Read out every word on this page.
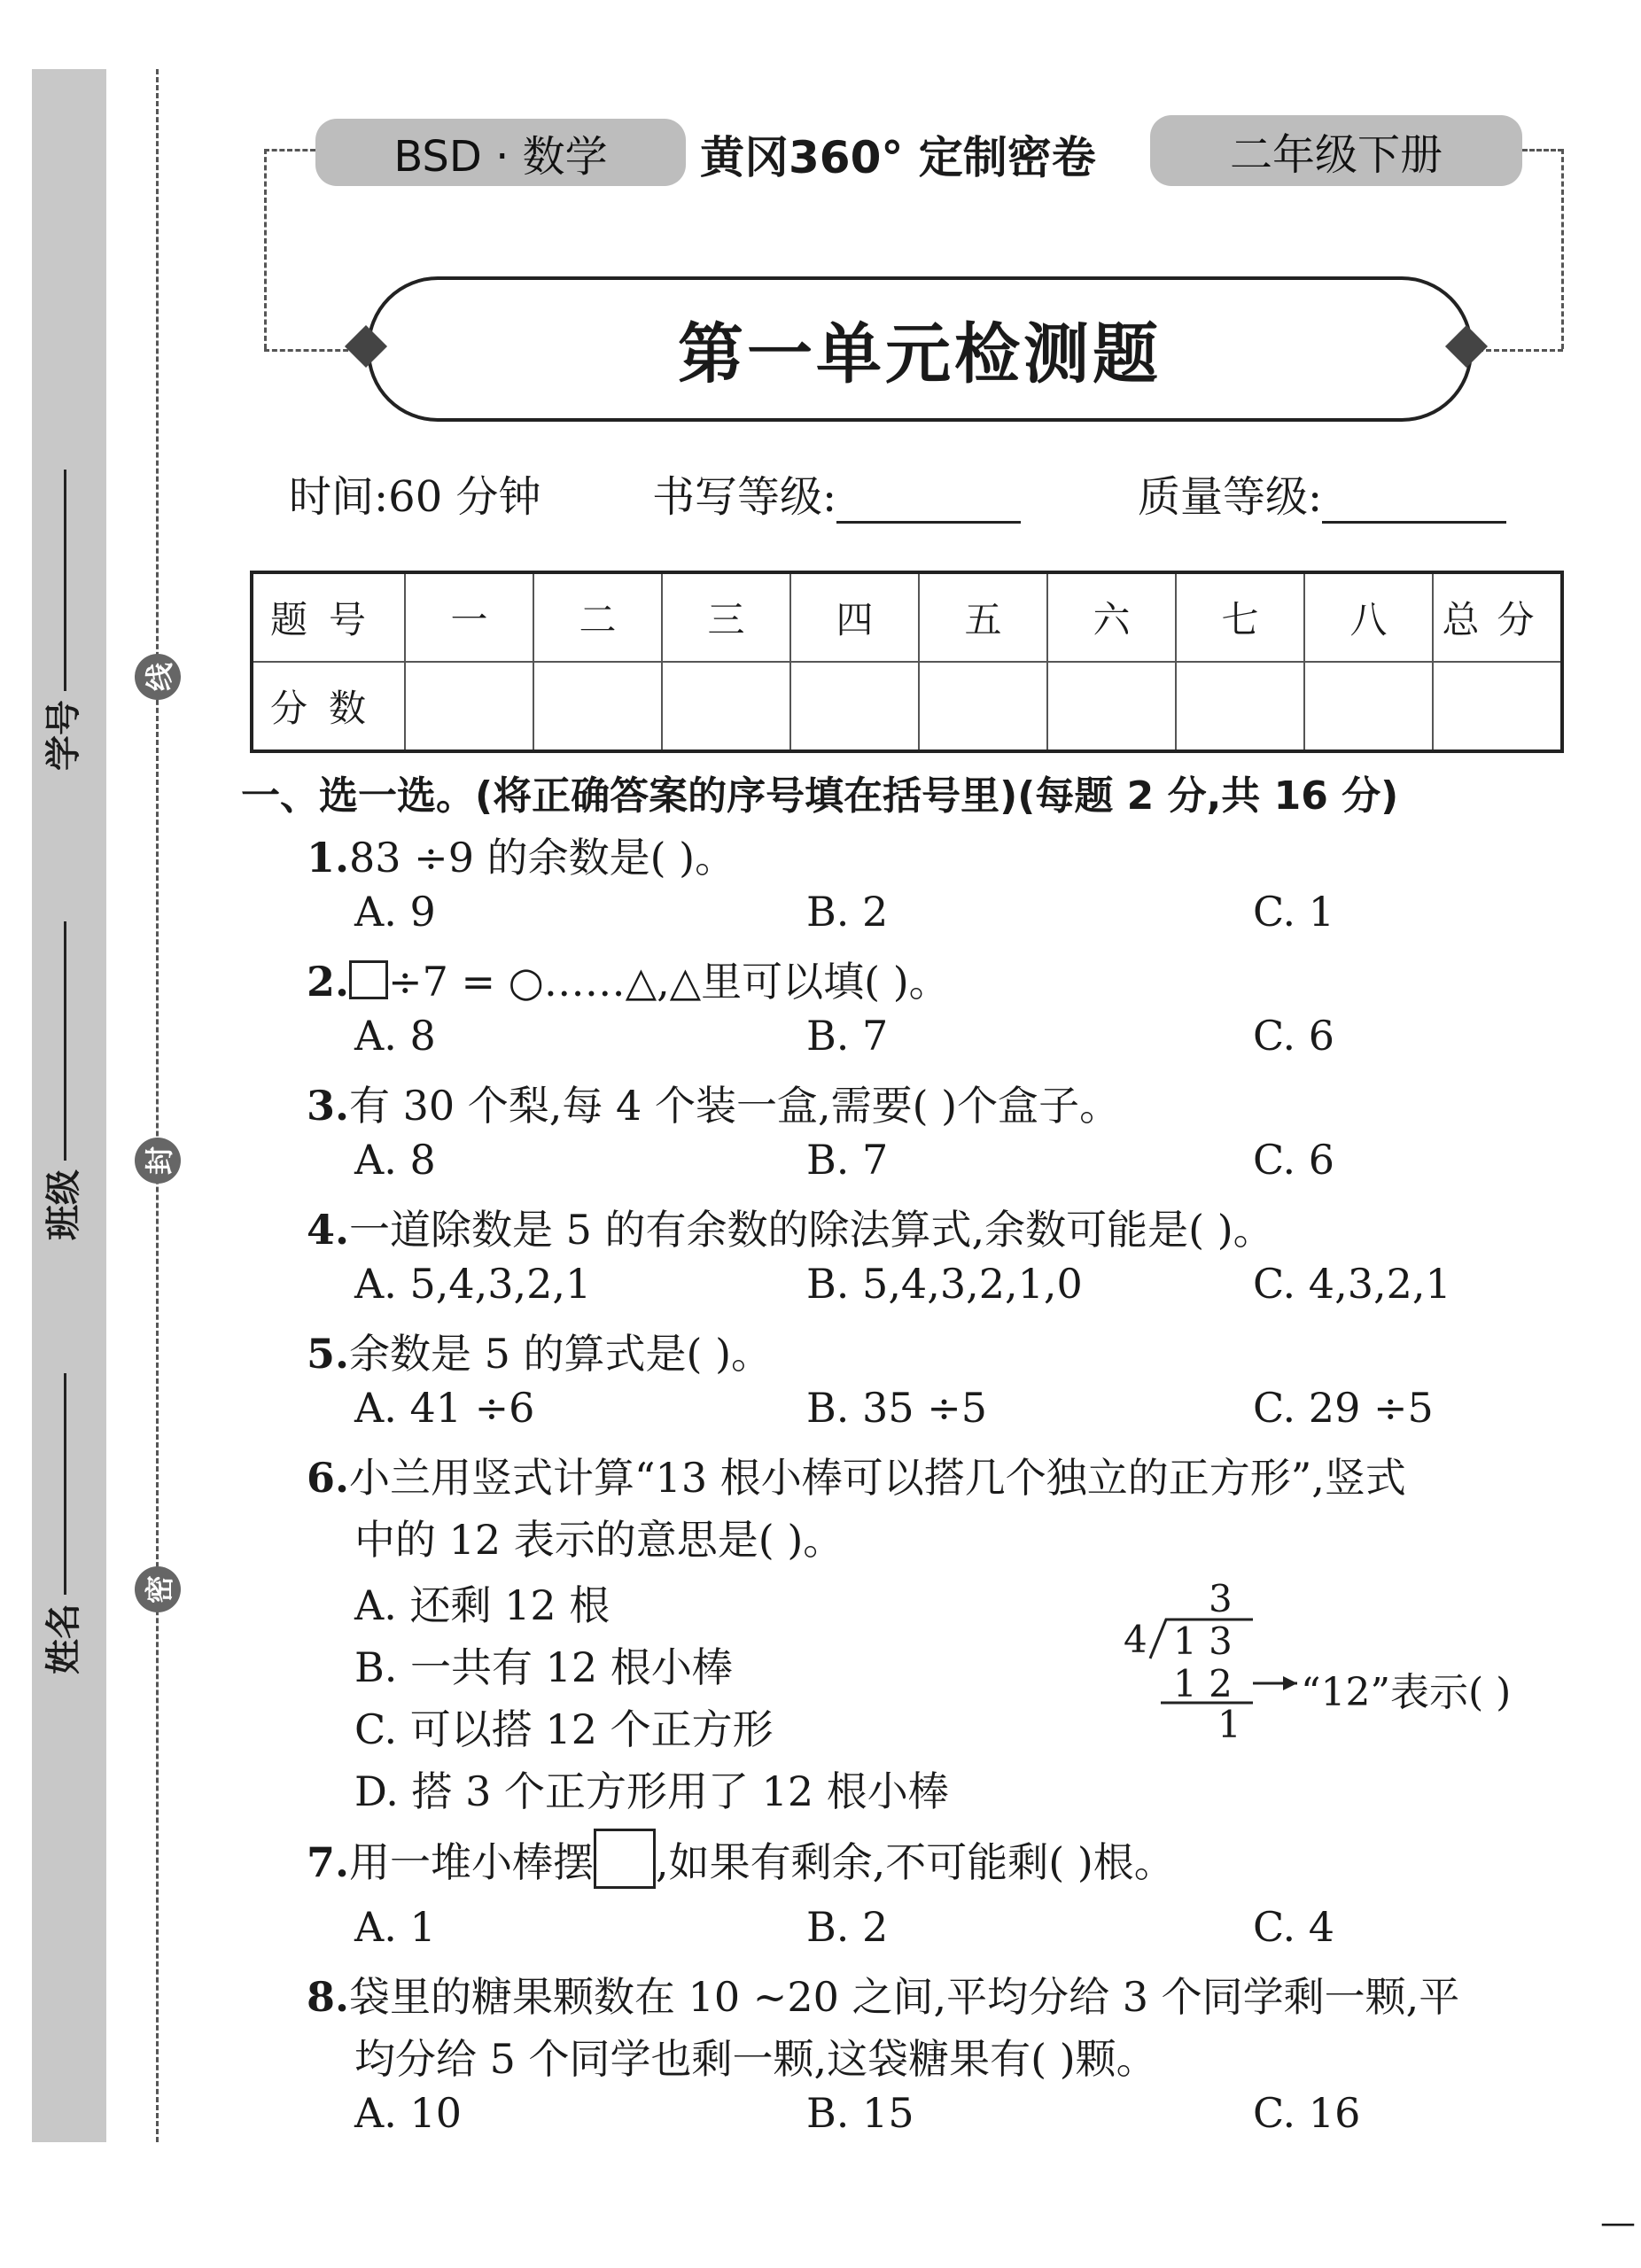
学号
班级
姓名
线
封
密
BSD · 数学	黄冈360° 定制密卷	二年级下册
第一单元检测题
时间:60 分钟	书写等级:	质量等级:
题号	一	二	三	四	五	六	七	八	总分
分数									
一、选一选。(将正确答案的序号填在括号里)(每题 2 分,共 16 分)
1.83 ÷9 的余数是( )。
A. 9	B. 2	C. 1
2. ÷7 = ○……△,△里可以填( )。
A. 8	B. 7	C. 6
3.有 30 个梨,每 4 个装一盒,需要( )个盒子。
A. 8	B. 7	C. 6
4.一道除数是 5 的有余数的除法算式,余数可能是( )。
A. 5,4,3,2,1	B. 5,4,3,2,1,0	C. 4,3,2,1
5.余数是 5 的算式是( )。
A. 41 ÷6	B. 35 ÷5	C. 29 ÷5
6.小兰用竖式计算“13 根小棒可以搭几个独立的正方形”,竖式
中的 12 表示的意思是( )。
A. 还剩 12 根
B. 一共有 12 根小棒
C. 可以搭 12 个正方形
D. 搭 3 个正方形用了 12 根小棒
3
4 1 3
1 2
1
“12”表示( )
7.用一堆小棒摆 ,如果有剩余,不可能剩( )根。
A. 1	B. 2	C. 4
8.袋里的糖果颗数在 10 ~20 之间,平均分给 3 个同学剩一颗,平
均分给 5 个同学也剩一颗,这袋糖果有( )颗。
A. 10	B. 15	C. 16
—
